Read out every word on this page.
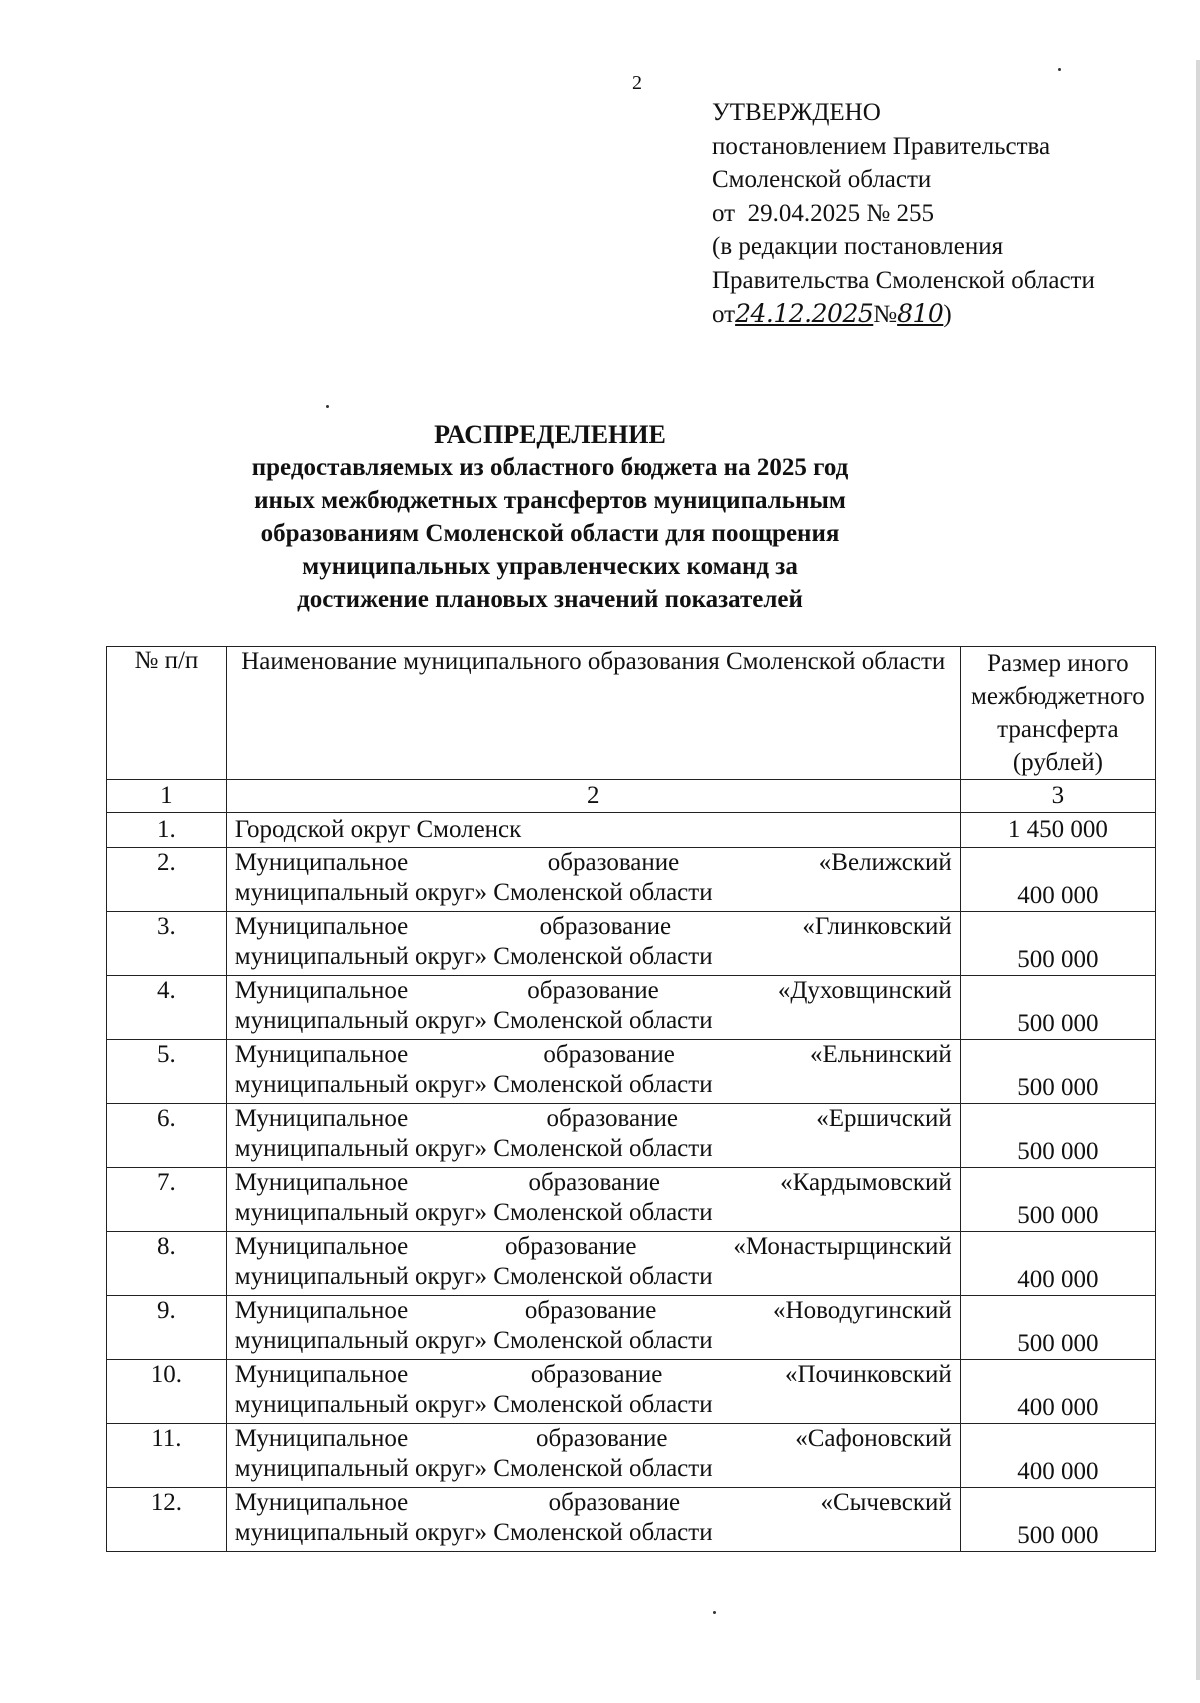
2
УТВЕРЖДЕНО
постановлением Правительства
Смоленской области
от  29.04.2025 № 255
(в редакции постановления
Правительства Смоленской области
от24.12.2025№810)
РАСПРЕДЕЛЕНИЕ
предоставляемых из областного бюджета на 2025 год
иных межбюджетных трансфертов муниципальным
образованиям Смоленской области для поощрения
муниципальных управленческих команд за
достижение плановых значений показателей
№ п/п	Наименование муниципального образования Смоленской области	Размер иного межбюджетного трансферта (рублей)
1	2	3
1.	Городской округ Смоленск	1 450 000
2.	Муниципальное образование «Велижский
муниципальный округ» Смоленской области	400 000
3.	Муниципальное образование «Глинковский
муниципальный округ» Смоленской области	500 000
4.	Муниципальное образование «Духовщинский
муниципальный округ» Смоленской области	500 000
5.	Муниципальное образование «Ельнинский
муниципальный округ» Смоленской области	500 000
6.	Муниципальное образование «Ершичский
муниципальный округ» Смоленской области	500 000
7.	Муниципальное образование «Кардымовский
муниципальный округ» Смоленской области	500 000
8.	Муниципальное образование «Монастырщинский
муниципальный округ» Смоленской области	400 000
9.	Муниципальное образование «Новодугинский
муниципальный округ» Смоленской области	500 000
10.	Муниципальное образование «Починковский
муниципальный округ» Смоленской области	400 000
11.	Муниципальное образование «Сафоновский
муниципальный округ» Смоленской области	400 000
12.	Муниципальное образование «Сычевский
муниципальный округ» Смоленской области	500 000
